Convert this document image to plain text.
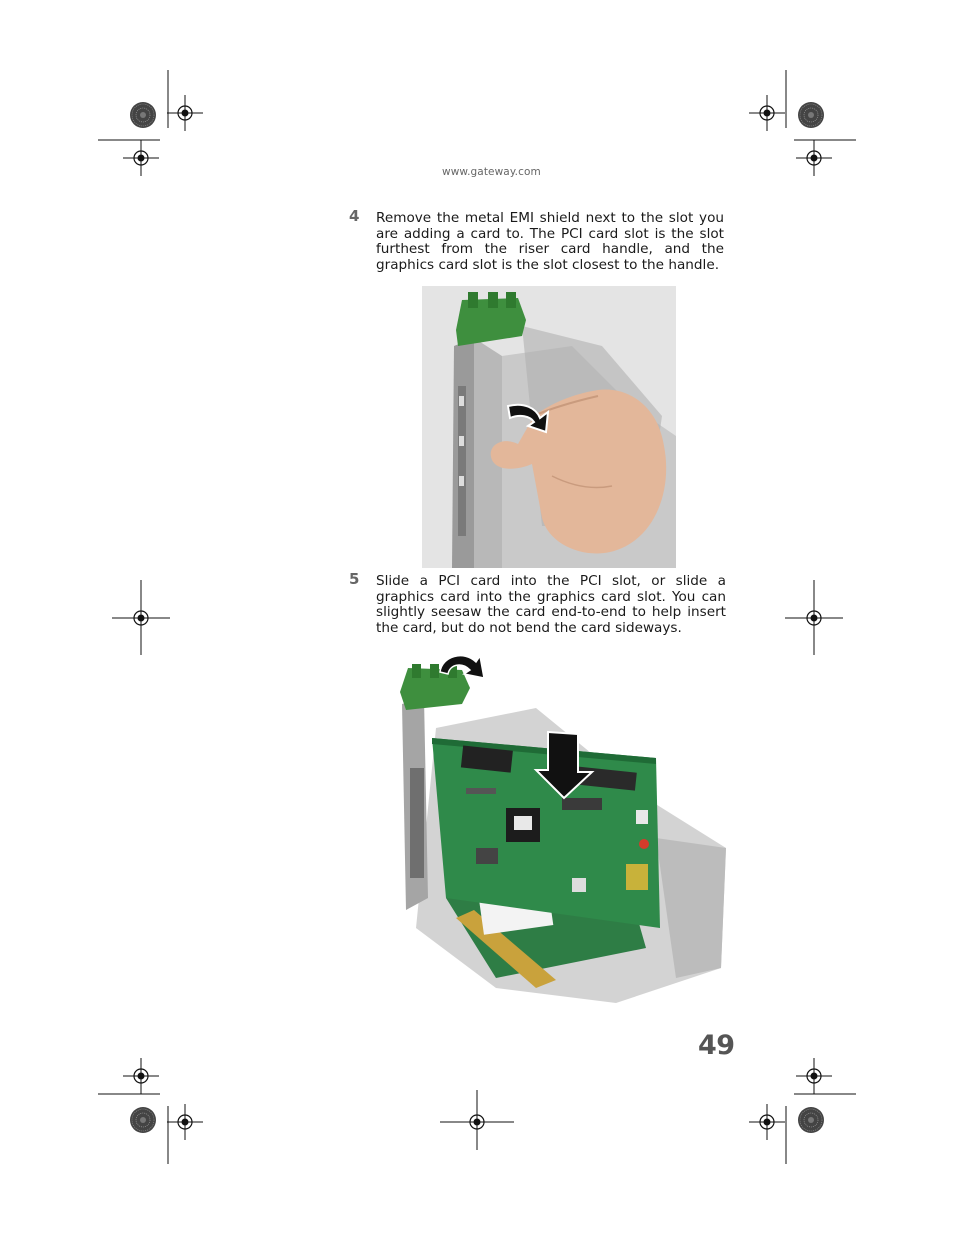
www.gateway.com
4 Remove the metal EMI shield next to the slot you are adding a card to. The PCI card slot is the slot furthest from the riser card handle, and the graphics card slot is the slot closest to the handle.
5 Slide a PCI card into the PCI slot, or slide a graphics card into the graphics card slot. You can slightly seesaw the card end-to-end to help insert the card, but do not bend the card sideways.
49
